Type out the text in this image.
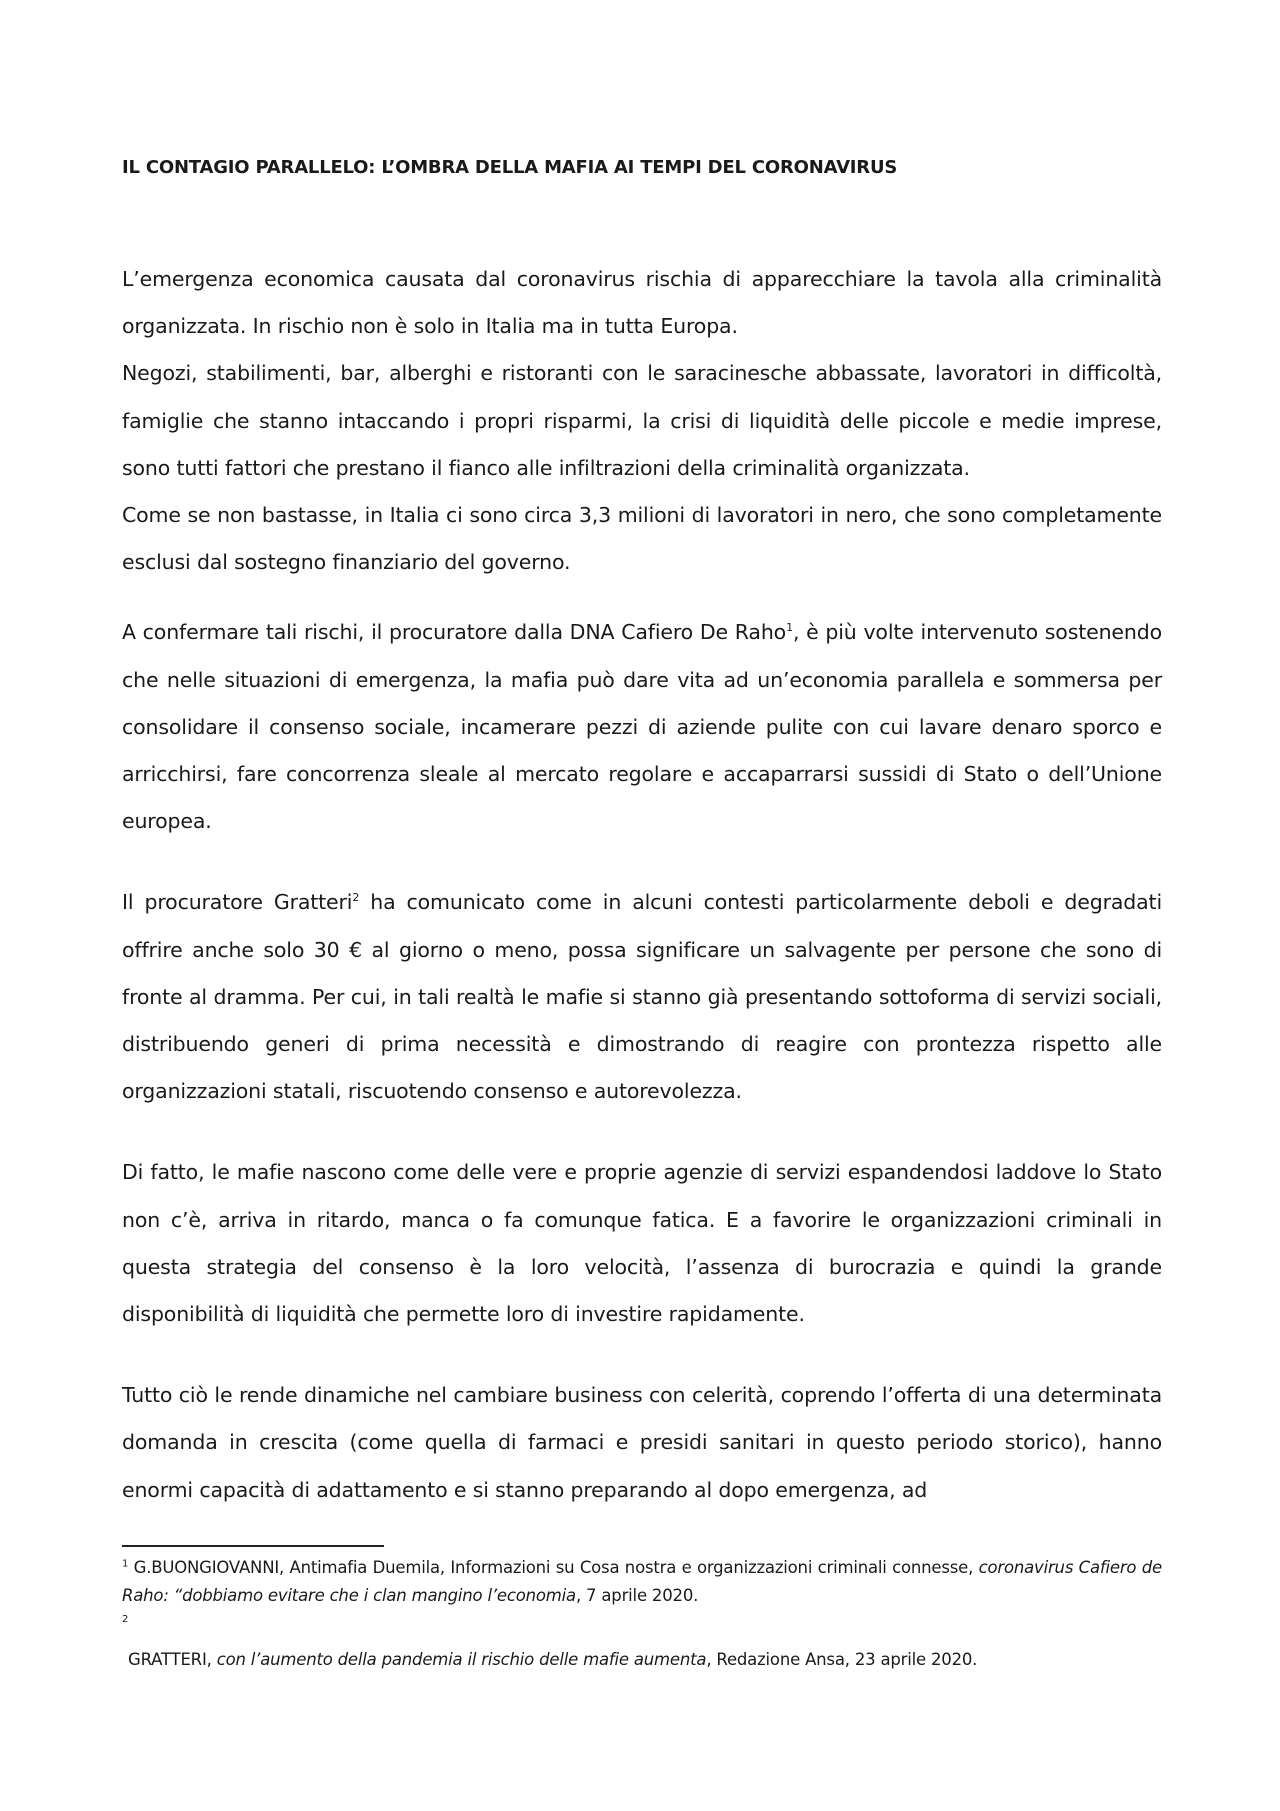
IL CONTAGIO PARALLELO: L’OMBRA DELLA MAFIA AI TEMPI DEL CORONAVIRUS

L’emergenza economica causata dal coronavirus rischia di apparecchiare la tavola alla criminalità organizzata. In rischio non è solo in Italia ma in tutta Europa.

Negozi, stabilimenti, bar, alberghi e ristoranti con le saracinesche abbassate, lavoratori in difficoltà, famiglie che stanno intaccando i propri risparmi, la crisi di liquidità delle piccole e medie imprese, sono tutti fattori che prestano il fianco alle infiltrazioni della criminalità organizzata.

Come se non bastasse, in Italia ci sono circa 3,3 milioni di lavoratori in nero, che sono completamente esclusi dal sostegno finanziario del governo.

A confermare tali rischi, il procuratore dalla DNA Cafiero De Raho$^1$, è più volte intervenuto sostenendo che nelle situazioni di emergenza, la mafia può dare vita ad un’economia parallela e sommersa per consolidare il consenso sociale, incamerare pezzi di aziende pulite con cui lavare denaro sporco e arricchirsi, fare concorrenza sleale al mercato regolare e accaparrarsi sussidi di Stato o dell’Unione europea.

Il procuratore Gratteri$^2$ ha comunicato come in alcuni contesti particolarmente deboli e degradati offrire anche solo 30 € al giorno o meno, possa significare un salvagente per persone che sono di fronte al dramma. Per cui, in tali realtà le mafie si stanno già presentando sottoforma di servizi sociali, distribuendo generi di prima necessità e dimostrando di reagire con prontezza rispetto alle organizzazioni statali, riscuotendo consenso e autorevolezza.

Di fatto, le mafie nascono come delle vere e proprie agenzie di servizi espandendosi laddove lo Stato non c’è, arriva in ritardo, manca o fa comunque fatica. E a favorire le organizzazioni criminali in questa strategia del consenso è la loro velocità, l’assenza di burocrazia e quindi la grande disponibilità di liquidità che permette loro di investire rapidamente.

Tutto ciò le rende dinamiche nel cambiare business con celerità, coprendo l’offerta di una determinata domanda in crescita (come quella di farmaci e presidi sanitari in questo periodo storico), hanno enormi capacità di adattamento e si stanno preparando al dopo emergenza, ad

$^1$ G.BUONGIOVANNI, Antimafia Duemila, Informazioni su Cosa nostra e organizzazioni criminali connesse, coronavirus Cafiero de Raho: “dobbiamo evitare che i clan mangino l’economia, 7 aprile 2020.

2

GRATTERI, con l’aumento della pandemia il rischio delle mafie aumenta, Redazione Ansa, 23 aprile 2020.
